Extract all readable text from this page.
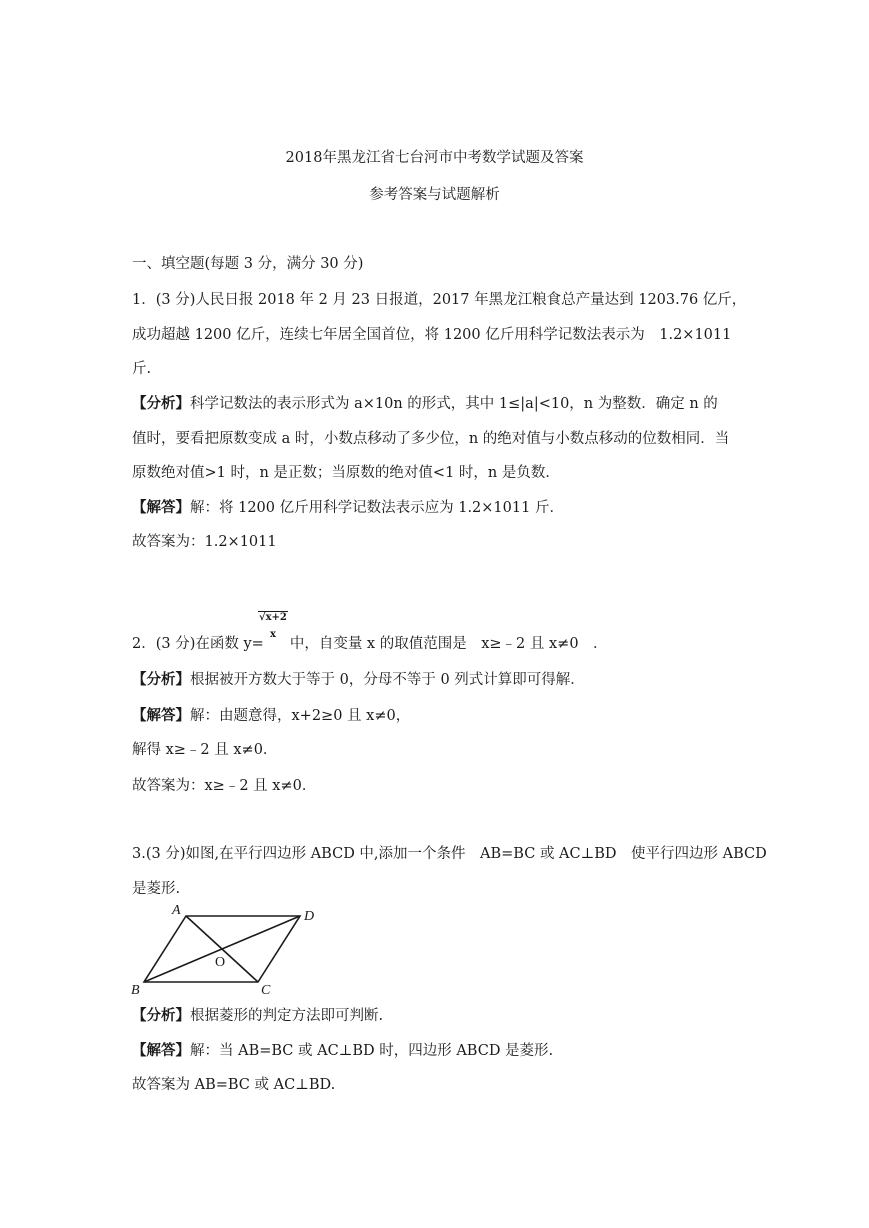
2018年黑龙江省七台河市中考数学试题及答案
参考答案与试题解析
一、填空题(每题 3 分，满分 30 分)
1．(3 分)人民日报 2018 年 2 月 23 日报道，2017 年黑龙江粮食总产量达到 1203.76 亿斤，
成功超越 1200 亿斤，连续七年居全国首位，将 1200 亿斤用科学记数法表示为　1.2×1011
斤.
【分析】科学记数法的表示形式为 a×10n 的形式，其中 1≤|a|<10，n 为整数．确定 n 的
值时，要看把原数变成 a 时，小数点移动了多少位，n 的绝对值与小数点移动的位数相同．当
原数绝对值>1 时，n 是正数；当原数的绝对值<1 时，n 是负数．
【解答】解：将 1200 亿斤用科学记数法表示应为 1.2×1011 斤．
故答案为：1.2×1011
√x+2
x
2．(3 分)在函数 y= 中，自变量 x 的取值范围是　x≥﹣2 且 x≠0　．
【分析】根据被开方数大于等于 0，分母不等于 0 列式计算即可得解．
【解答】解：由题意得，x+2≥0 且 x≠0，
解得 x≥﹣2 且 x≠0．
故答案为：x≥﹣2 且 x≠0．
3.(3 分)如图,在平行四边形 ABCD 中,添加一个条件　AB=BC 或 AC⊥BD　使平行四边形 ABCD
是菱形.
A
B	C
D
O
【分析】根据菱形的判定方法即可判断.
【解答】解：当 AB=BC 或 AC⊥BD 时，四边形 ABCD 是菱形.
故答案为 AB=BC 或 AC⊥BD.
